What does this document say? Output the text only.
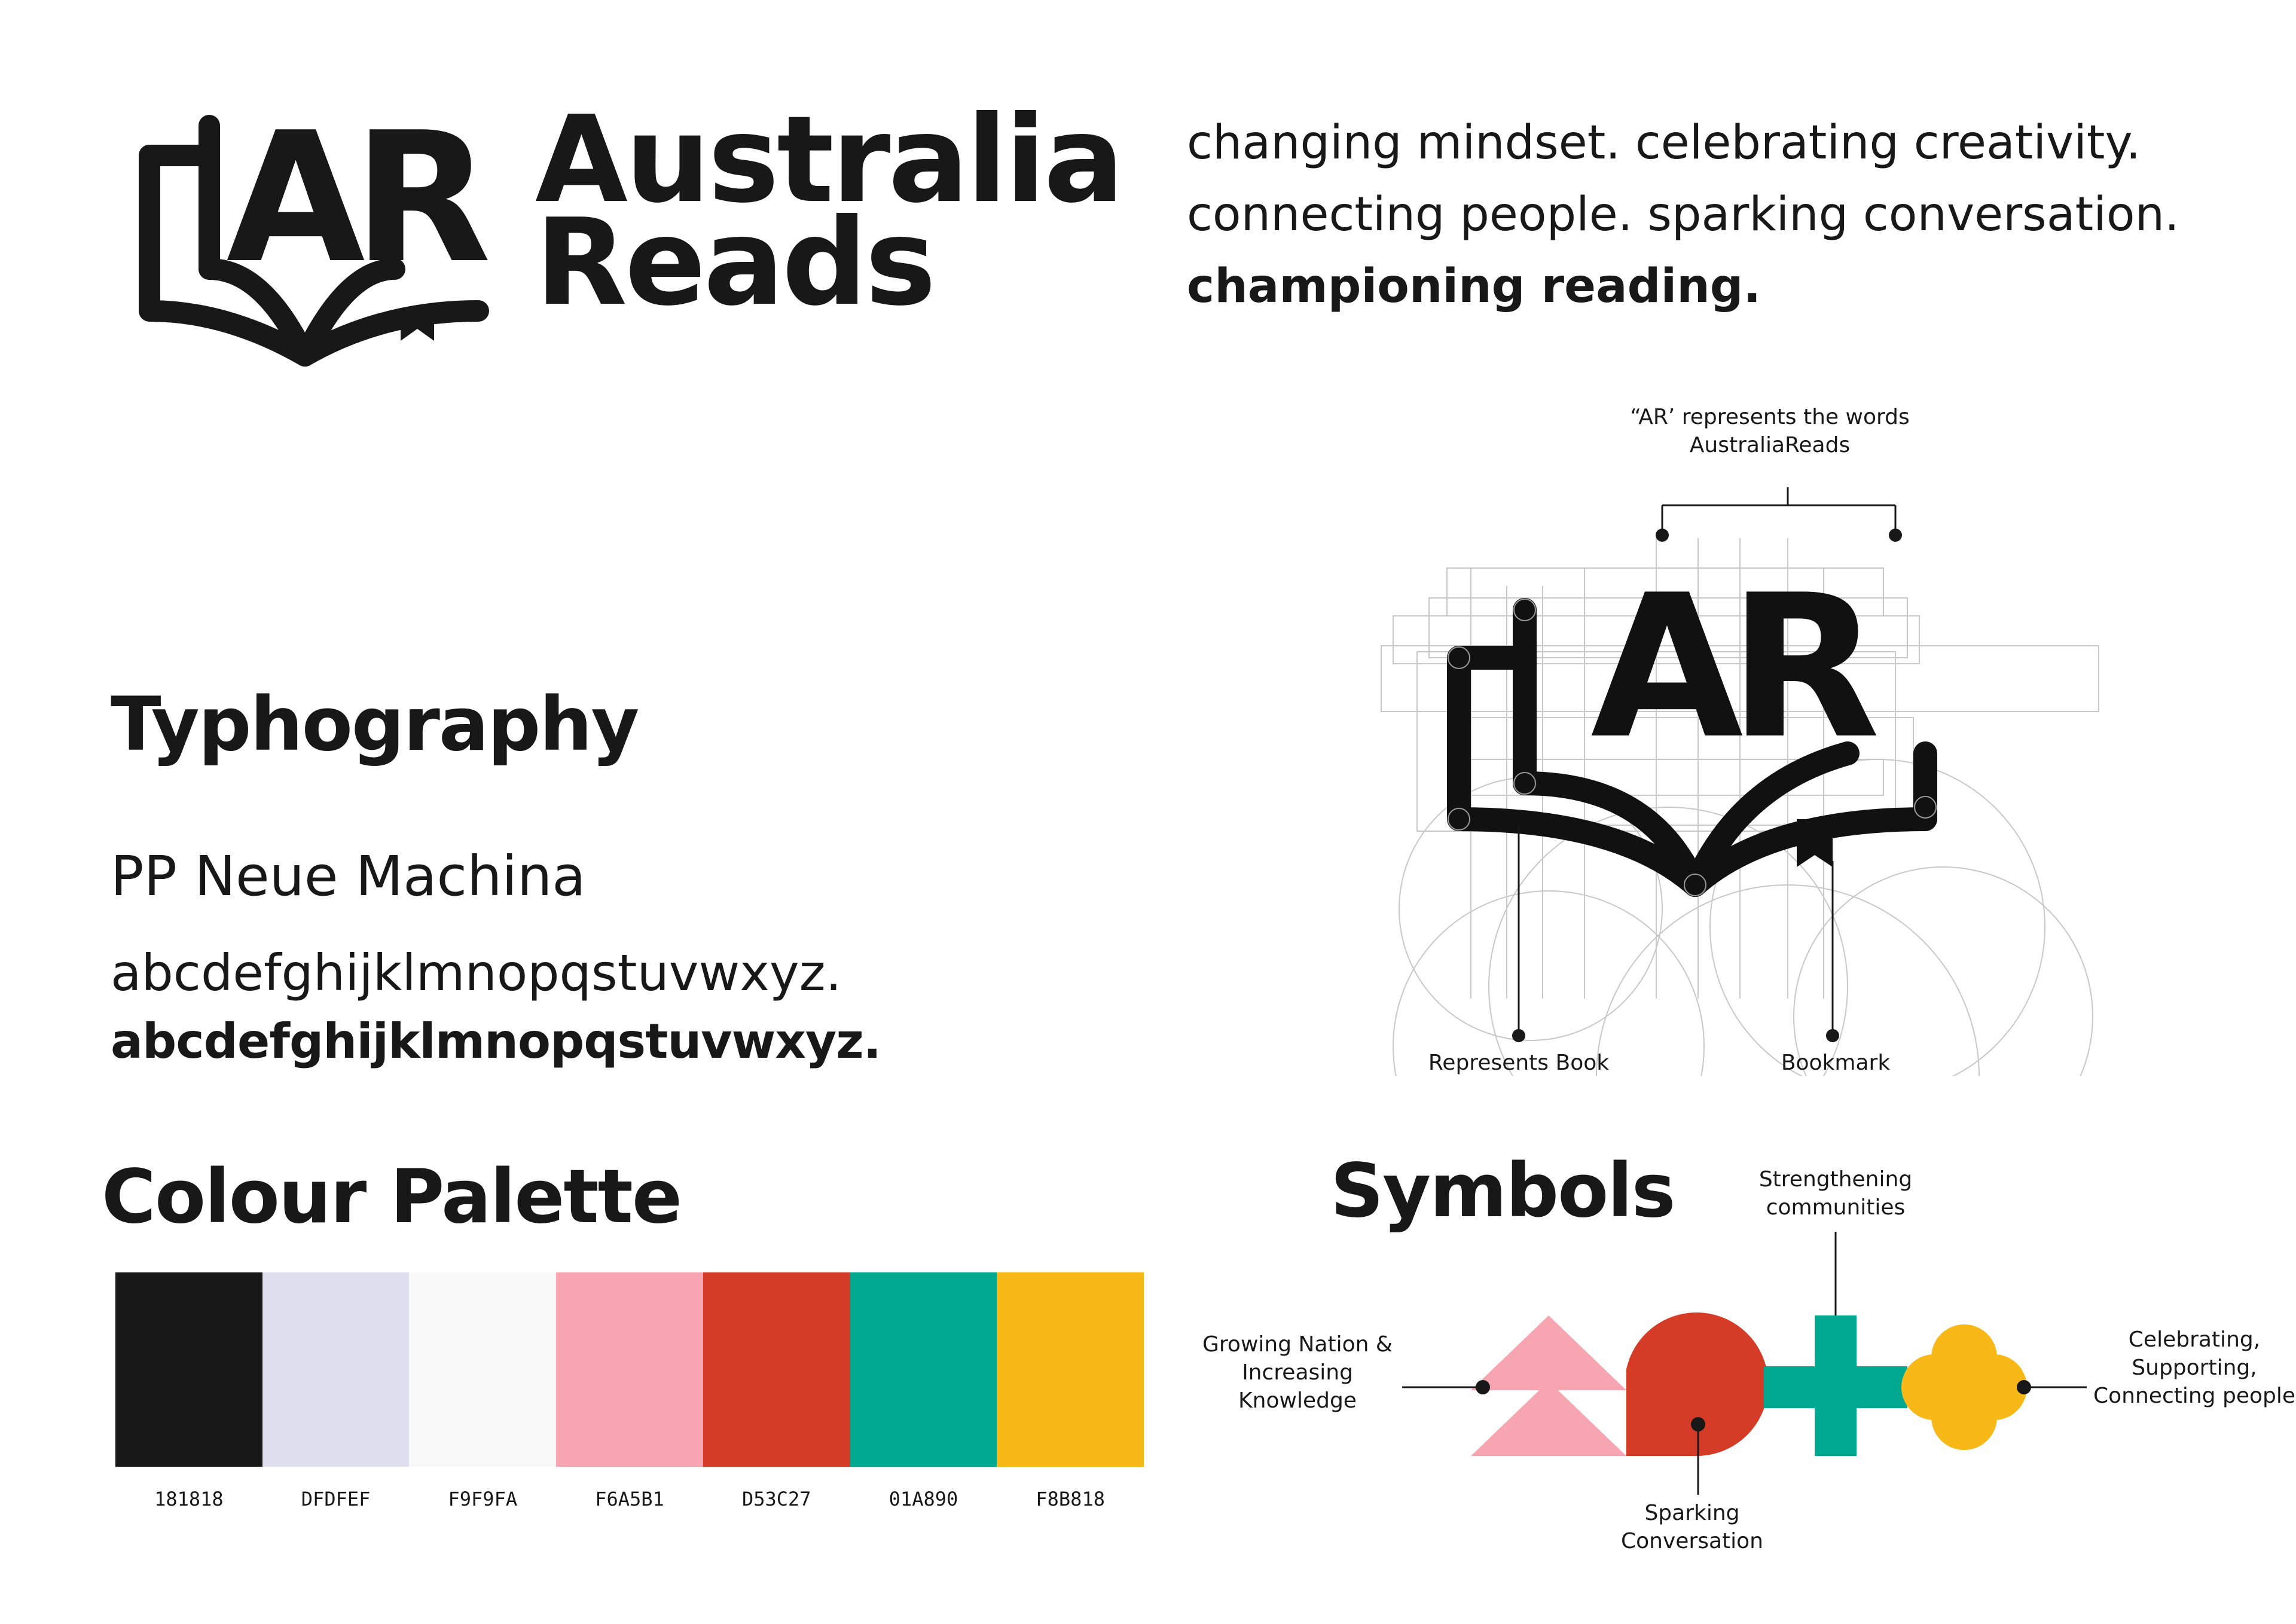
AR Australia
Reads
changing mindset. celebrating creativity.
connecting people. sparking conversation.
championing reading.
Typhography
PP Neue Machina
abcdefghijklmnopqstuvwxyz.
abcdefghijklmnopqstuvwxyz.
Colour Palette
181818	DFDFEF	F9F9FA	F6A5B1	D53C27	01A890	F8B818
AR
“AR’ represents the words AustraliaReads
Represents Book	Bookmark
Symbols
Growing Nation & Increasing Knowledge
Strengthening communities
Sparking Conversation
Celebrating, Supporting, Connecting people
